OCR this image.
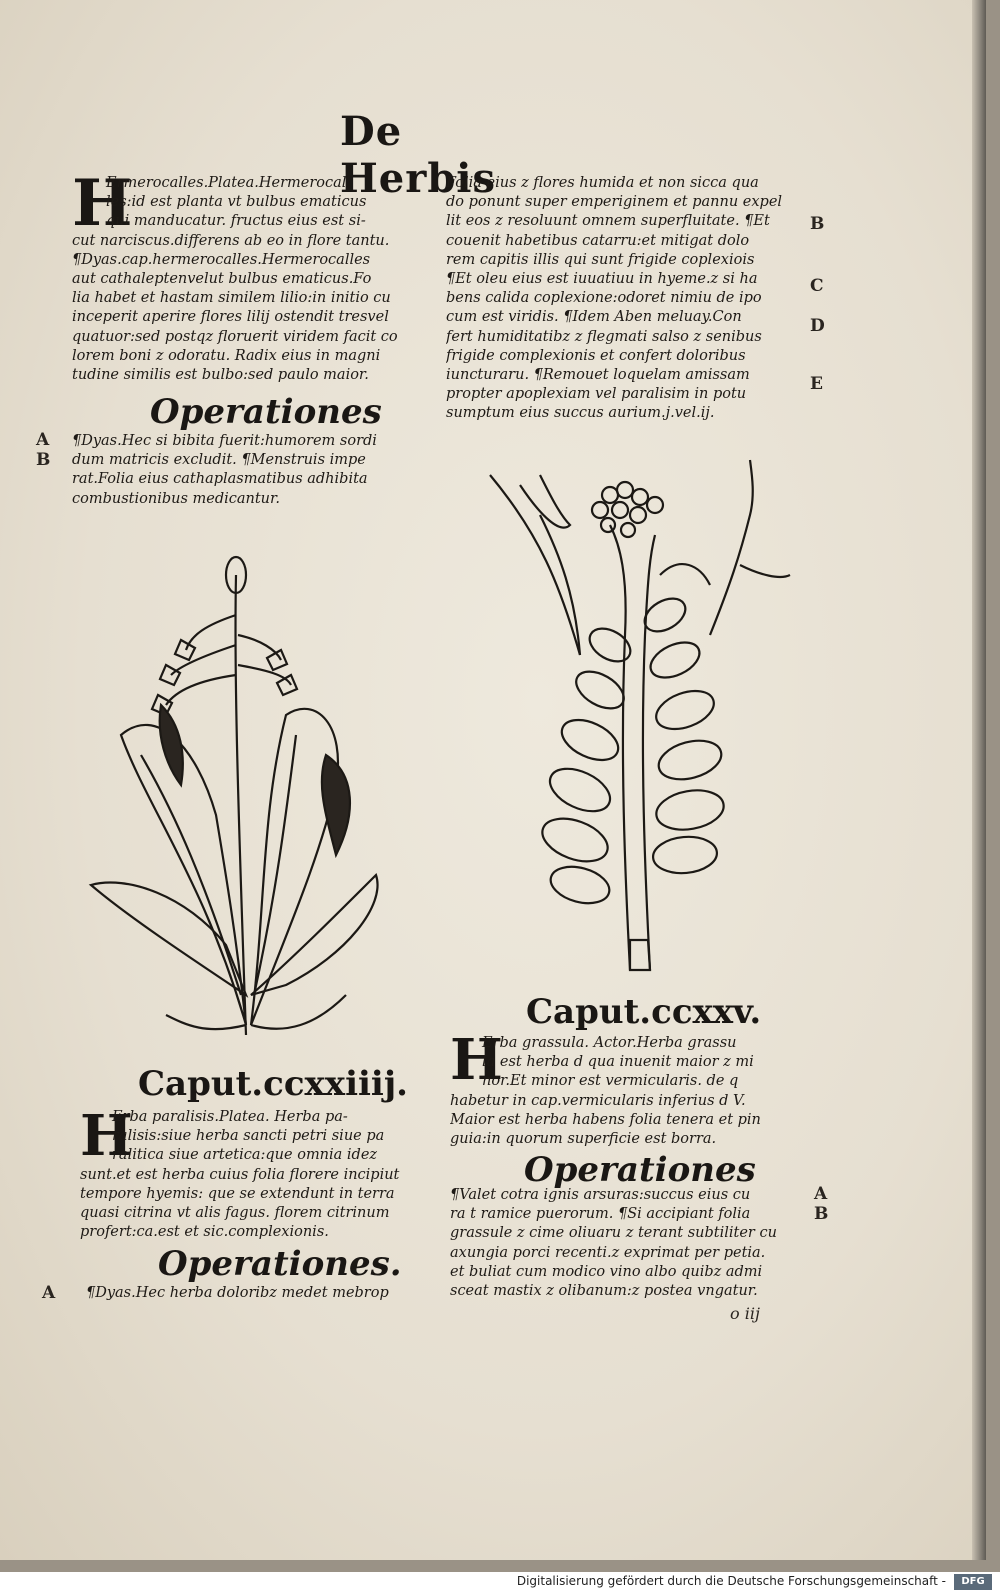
De Herbis
H
Ermerocalles.Platea.Hermerocal
les:id est planta vt bulbus ematicus
qui manducatur. fructus eius est si-
cut narciscus.differens ab eo in flore tantu.
¶Dyas.cap.hermerocalles.Hermerocalles
aut cathaleptenvelut bulbus ematicus.Fo
lia habet et hastam similem lilio:in initio cu
inceperit aperire flores lilij ostendit tresvel
quatuor:sed postqz floruerit viridem facit co
lorem boni z odoratu. Radix eius in magni
tudine similis est bulbo:sed paulo maior.
Operationes
A
B
¶Dyas.Hec si bibita fuerit:humorem sordi
dum matricis excludit. ¶Menstruis impe
rat.Folia eius cathaplasmatibus adhibita
combustionibus medicantur.
Folia eius z flores humida et non sicca qua
do ponunt super emperiginem et pannu expel
lit eos z resoluunt omnem superfluitate. ¶Et
couenit habetibus catarru:et mitigat dolo
rem capitis illis qui sunt frigide coplexiois
¶Et oleu eius est iuuatiuu in hyeme.z si ha
bens calida coplexione:odoret nimiu de ipo
cum est viridis. ¶Idem Aben meluay.Con
fert humiditatibz z flegmati salso z senibus
frigide complexionis et confert doloribus
iuncturaru. ¶Remouet loquelam amissam
propter apoplexiam vel paralisim in potu
sumptum eius succus aurium.j.vel.ij.
B
C
D
E
Caput.ccxxiiij.
H
Erba paralisis.Platea. Herba pa-
ralisis:siue herba sancti petri siue pa
ralitica siue artetica:que omnia idez
sunt.et est herba cuius folia florere incipiut
tempore hyemis: que se extendunt in terra
quasi citrina vt alis fagus. florem citrinum
profert:ca.est et sic.complexionis.
Operationes.
A ¶Dyas.Hec herba doloribz medet mebrop
Caput.ccxxv.
H
Erba grassula. Actor.Herba grassu
la est herba d qua inuenit maior z mi
nor.Et minor est vermicularis. de q
habetur in cap.vermicularis inferius d V.
Maior est herba habens folia tenera et pin
guia:in quorum superficie est borra.
Operationes
A
B
¶Valet cotra ignis arsuras:succus eius cu
ra t ramice puerorum. ¶Si accipiant folia
grassule z cime oliuaru z terant subtiliter cu
axungia porci recenti.z exprimat per petia.
et buliat cum modico vino albo quibz admi
sceat mastix z olibanum:z postea vngatur.
o iij
Digitalisierung gefördert durch die Deutsche Forschungsgemeinschaft -	DFG
